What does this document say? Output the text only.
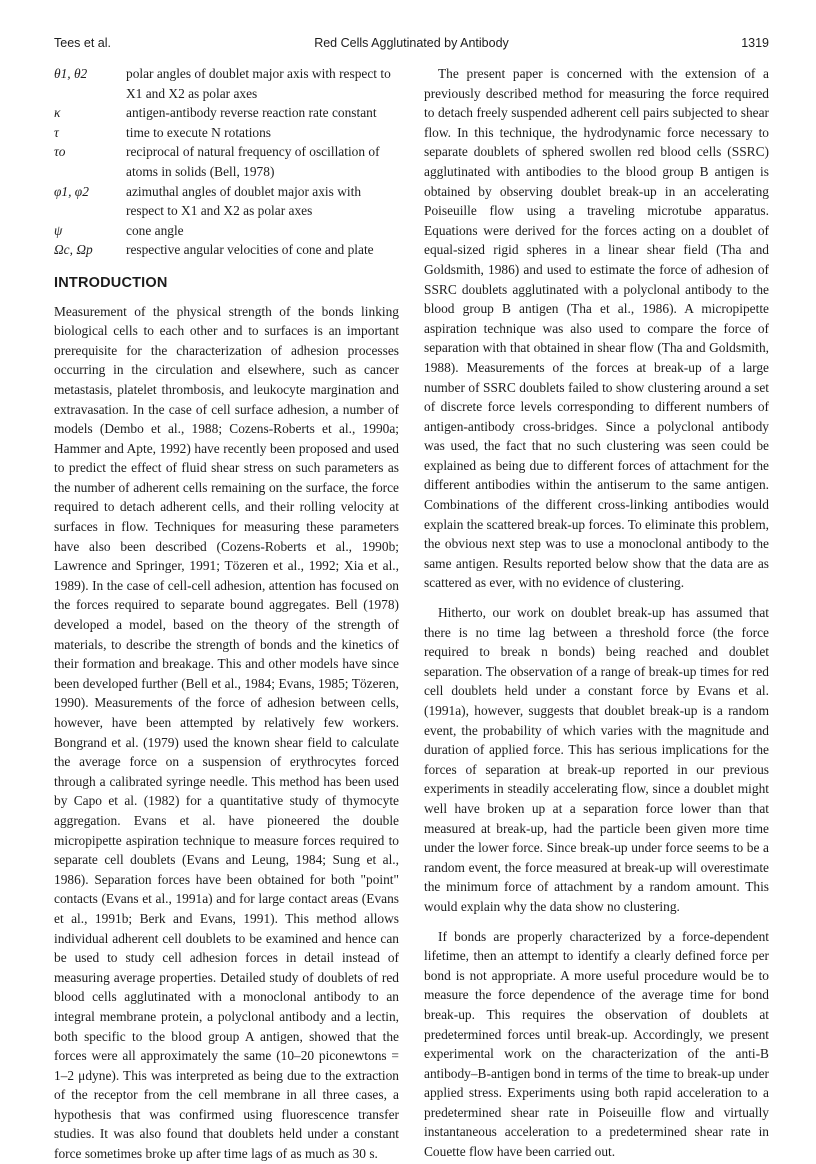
Tees et al.	Red Cells Agglutinated by Antibody	1319
θ1, θ2	polar angles of doublet major axis with respect to X1 and X2 as polar axes
κ	antigen-antibody reverse reaction rate constant
τ	time to execute N rotations
τo	reciprocal of natural frequency of oscillation of atoms in solids (Bell, 1978)
φ1, φ2	azimuthal angles of doublet major axis with respect to X1 and X2 as polar axes
ψ	cone angle
Ωc, Ωp	respective angular velocities of cone and plate
INTRODUCTION

Measurement of the physical strength of the bonds linking biological cells to each other and to surfaces is an important prerequisite for the characterization of adhesion processes occurring in the circulation and elsewhere, such as cancer metastasis, platelet thrombosis, and leukocyte margination and extravasation. In the case of cell surface adhesion, a number of models (Dembo et al., 1988; Cozens-Roberts et al., 1990a; Hammer and Apte, 1992) have recently been proposed and used to predict the effect of fluid shear stress on such parameters as the number of adherent cells remaining on the surface, the force required to detach adherent cells, and their rolling velocity at surfaces in flow. Techniques for measuring these parameters have also been described (Cozens-Roberts et al., 1990b; Lawrence and Springer, 1991; Tözeren et al., 1992; Xia et al., 1989). In the case of cell-cell adhesion, attention has focused on the forces required to separate bound aggregates. Bell (1978) developed a model, based on the theory of the strength of materials, to describe the strength of bonds and the kinetics of their formation and breakage. This and other models have since been developed further (Bell et al., 1984; Evans, 1985; Tözeren, 1990). Measurements of the force of adhesion between cells, however, have been attempted by relatively few workers. Bongrand et al. (1979) used the known shear field to calculate the average force on a suspension of erythrocytes forced through a calibrated syringe needle. This method has been used by Capo et al. (1982) for a quantitative study of thymocyte aggregation. Evans et al. have pioneered the double micropipette aspiration technique to measure forces required to separate cell doublets (Evans and Leung, 1984; Sung et al., 1986). Separation forces have been obtained for both "point" contacts (Evans et al., 1991a) and for large contact areas (Evans et al., 1991b; Berk and Evans, 1991). This method allows individual adherent cell doublets to be examined and hence can be used to study cell adhesion forces in detail instead of measuring average properties. Detailed study of doublets of red blood cells agglutinated with a monoclonal antibody to an integral membrane protein, a polyclonal antibody and a lectin, both specific to the blood group A antigen, showed that the forces were all approximately the same (10–20 piconewtons = 1–2 μdyne). This was interpreted as being due to the extraction of the receptor from the cell membrane in all three cases, a hypothesis that was confirmed using fluorescence transfer studies. It was also found that doublets held under a constant force sometimes broke up after time lags of as much as 30 s.

The present paper is concerned with the extension of a previously described method for measuring the force required to detach freely suspended adherent cell pairs subjected to shear flow. In this technique, the hydrodynamic force necessary to separate doublets of sphered swollen red blood cells (SSRC) agglutinated with antibodies to the blood group B antigen is obtained by observing doublet break-up in an accelerating Poiseuille flow using a traveling microtube apparatus. Equations were derived for the forces acting on a doublet of equal-sized rigid spheres in a linear shear field (Tha and Goldsmith, 1986) and used to estimate the force of adhesion of SSRC doublets agglutinated with a polyclonal antibody to the blood group B antigen (Tha et al., 1986). A micropipette aspiration technique was also used to compare the force of separation with that obtained in shear flow (Tha and Goldsmith, 1988). Measurements of the forces at break-up of a large number of SSRC doublets failed to show clustering around a set of discrete force levels corresponding to different numbers of antigen-antibody cross-bridges. Since a polyclonal antibody was used, the fact that no such clustering was seen could be explained as being due to different forces of attachment for the different antibodies within the antiserum to the same antigen. Combinations of the different cross-linking antibodies would explain the scattered break-up forces. To eliminate this problem, the obvious next step was to use a monoclonal antibody to the same antigen. Results reported below show that the data are as scattered as ever, with no evidence of clustering.

Hitherto, our work on doublet break-up has assumed that there is no time lag between a threshold force (the force required to break n bonds) being reached and doublet separation. The observation of a range of break-up times for red cell doublets held under a constant force by Evans et al. (1991a), however, suggests that doublet break-up is a random event, the probability of which varies with the magnitude and duration of applied force. This has serious implications for the forces of separation at break-up reported in our previous experiments in steadily accelerating flow, since a doublet might well have broken up at a separation force lower than that measured at break-up, had the particle been given more time under the lower force. Since break-up under force seems to be a random event, the force measured at break-up will overestimate the minimum force of attachment by a random amount. This would explain why the data show no clustering.

If bonds are properly characterized by a force-dependent lifetime, then an attempt to identify a clearly defined force per bond is not appropriate. A more useful procedure would be to measure the force dependence of the average time for bond break-up. This requires the observation of doublets at predetermined forces until break-up. Accordingly, we present experimental work on the characterization of the anti-B antibody–B-antigen bond in terms of the time to break-up under applied stress. Experiments using both rapid acceleration to a predetermined shear rate in Poiseuille flow and virtually instantaneous acceleration to a predetermined shear rate in Couette flow have been carried out.
